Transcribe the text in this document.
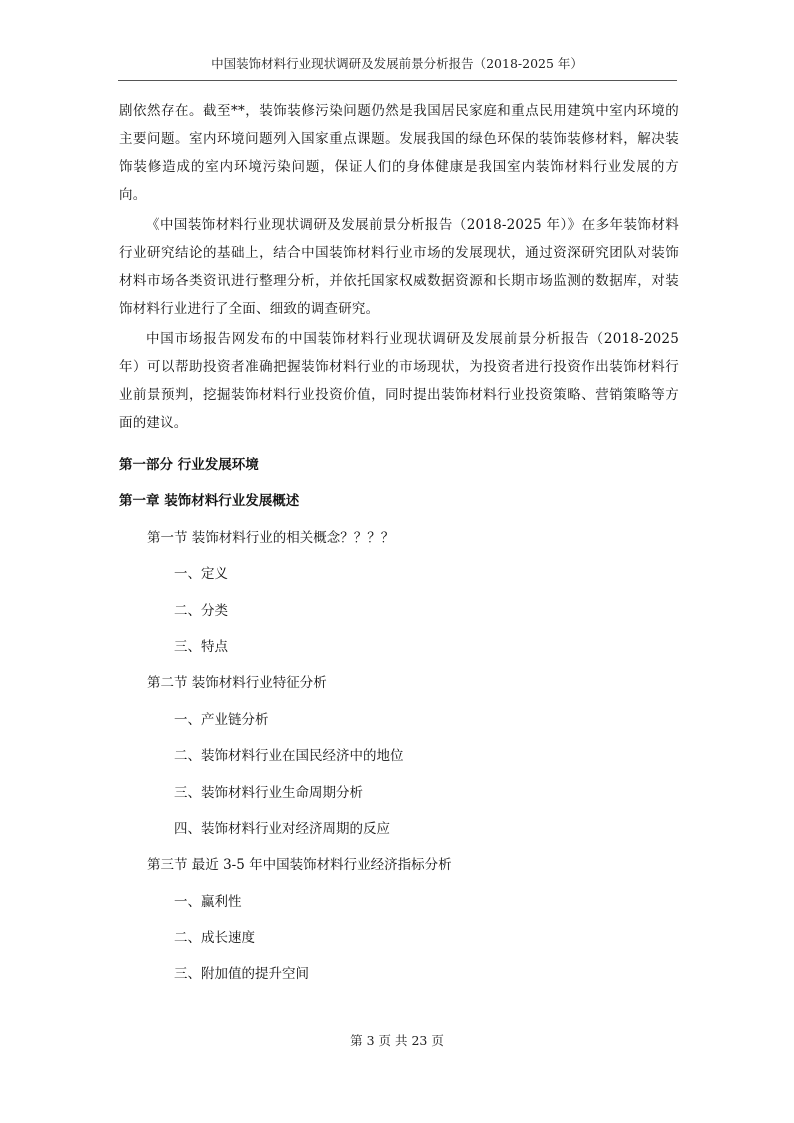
中国装饰材料行业现状调研及发展前景分析报告（2018-2025 年）

剧依然存在。截至**，装饰装修污染问题仍然是我国居民家庭和重点民用建筑中室内环境的主要问题。室内环境问题列入国家重点课题。发展我国的绿色环保的装饰装修材料，解决装饰装修造成的室内环境污染问题，保证人们的身体健康是我国室内装饰材料行业发展的方向。

《中国装饰材料行业现状调研及发展前景分析报告（2018-2025 年）》在多年装饰材料行业研究结论的基础上，结合中国装饰材料行业市场的发展现状，通过资深研究团队对装饰材料市场各类资讯进行整理分析，并依托国家权威数据资源和长期市场监测的数据库，对装饰材料行业进行了全面、细致的调查研究。

中国市场报告网发布的中国装饰材料行业现状调研及发展前景分析报告（2018-2025 年）可以帮助投资者准确把握装饰材料行业的市场现状，为投资者进行投资作出装饰材料行业前景预判，挖掘装饰材料行业投资价值，同时提出装饰材料行业投资策略、营销策略等方面的建议。

第一部分 行业发展环境
第一章 装饰材料行业发展概述
第一节 装饰材料行业的相关概念？？？？
一、定义
二、分类
三、特点
第二节 装饰材料行业特征分析
一、产业链分析
二、装饰材料行业在国民经济中的地位
三、装饰材料行业生命周期分析
四、装饰材料行业对经济周期的反应
第三节 最近 3-5 年中国装饰材料行业经济指标分析
一、赢利性
二、成长速度
三、附加值的提升空间
第 3 页 共 23 页
